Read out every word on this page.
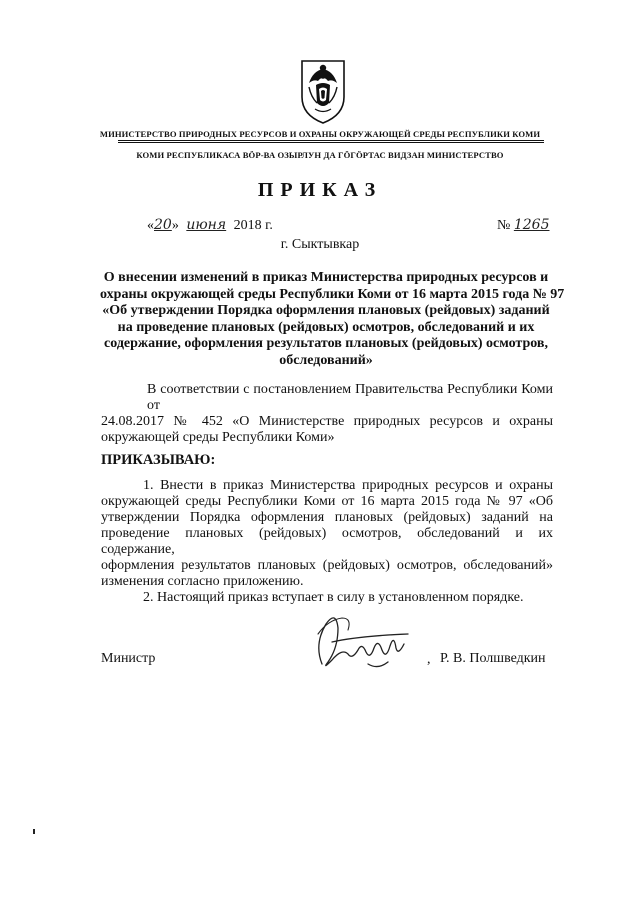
МИНИСТЕРСТВО ПРИРОДНЫХ РЕСУРСОВ И ОХРАНЫ ОКРУЖАЮЩЕЙ СРЕДЫ РЕСПУБЛИКИ КОМИ
КОМИ РЕСПУБЛИКАСА ВӦР-ВА ОЗЫРЛУН ДА ГӦГӦРТАС ВИДЗАН МИНИСТЕРСТВО
ПРИКАЗ
«20» июня 2018 г.	№ 1265
г. Сыктывкар
О внесении изменений в приказ Министерства природных ресурсов и
охраны окружающей среды Республики Коми от 16 марта 2015 года № 97
«Об утверждении Порядка оформления плановых (рейдовых) заданий
на проведение плановых (рейдовых) осмотров, обследований и их
содержание, оформления результатов плановых (рейдовых) осмотров,
обследований»
В соответствии с постановлением Правительства Республики Коми от
24.08.2017 № 452 «О Министерстве природных ресурсов и охраны
окружающей среды Республики Коми»
ПРИКАЗЫВАЮ:
1. Внести в приказ Министерства природных ресурсов и охраны
окружающей среды Республики Коми от 16 марта 2015 года № 97 «Об
утверждении Порядка оформления плановых (рейдовых) заданий на
проведение плановых (рейдовых) осмотров, обследований и их содержание,
оформления результатов плановых (рейдовых) осмотров, обследований»
изменения согласно приложению.
2. Настоящий приказ вступает в силу в установленном порядке.
Министр	, Р. В. Полшведкин
